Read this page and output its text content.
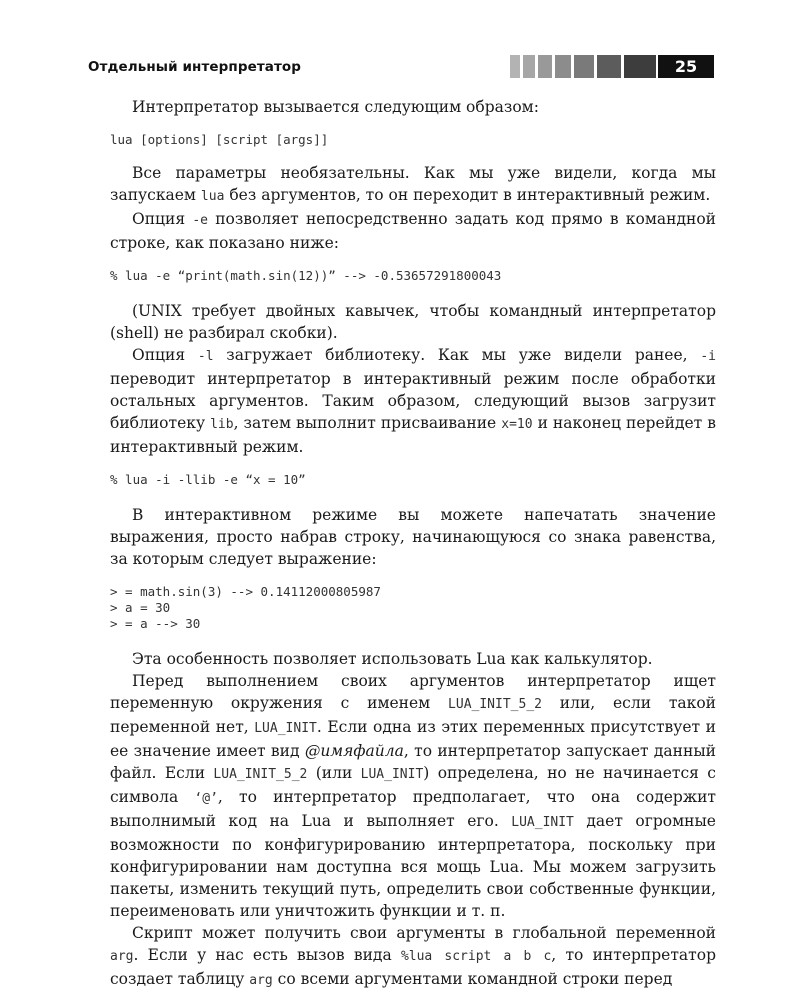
Отдельный интерпретатор	25

Интерпретатор вызывается следующим образом:

lua [options] [script [args]]

Все параметры необязательны. Как мы уже видели, когда мы запускаем lua без аргументов, то он переходит в интерактивный режим.

Опция -e позволяет непосредственно задать код прямо в командной строке, как показано ниже:

% lua -e “print(math.sin(12))” --> -0.53657291800043

(UNIX требует двойных кавычек, чтобы командный интерпретатор (shell) не разбирал скобки).

Опция -l загружает библиотеку. Как мы уже видели ранее, -i переводит интерпретатор в интерактивный режим после обработки остальных аргументов. Таким образом, следующий вызов загрузит библиотеку lib, затем выполнит присваивание x=10 и наконец перейдет в интерактивный режим.

% lua -i -llib -e “x = 10”

В интерактивном режиме вы можете напечатать значение выражения, просто набрав строку, начинающуюся со знака равенства, за которым следует выражение:

> = math.sin(3) --> 0.14112000805987
> a = 30
> = a --> 30

Эта особенность позволяет использовать Lua как калькулятор.

Перед выполнением своих аргументов интерпретатор ищет переменную окружения с именем LUA_INIT_5_2 или, если такой переменной нет, LUA_INIT. Если одна из этих переменных присутствует и ее значение имеет вид @имяфайла, то интерпретатор запускает данный файл. Если LUA_INIT_5_2 (или LUA_INIT) определена, но не начинается с символа ‘@’, то интерпретатор предполагает, что она содержит выполнимый код на Lua и выполняет его. LUA_INIT дает огромные возможности по конфигурированию интерпретатора, поскольку при конфигурировании нам доступна вся мощь Lua. Мы можем загрузить пакеты, изменить текущий путь, определить свои собственные функции, переименовать или уничтожить функции и т. п.

Скрипт может получить свои аргументы в глобальной переменной arg. Если у нас есть вызов вида %lua script a b c, то интерпретатор создает таблицу arg со всеми аргументами командной строки перед
